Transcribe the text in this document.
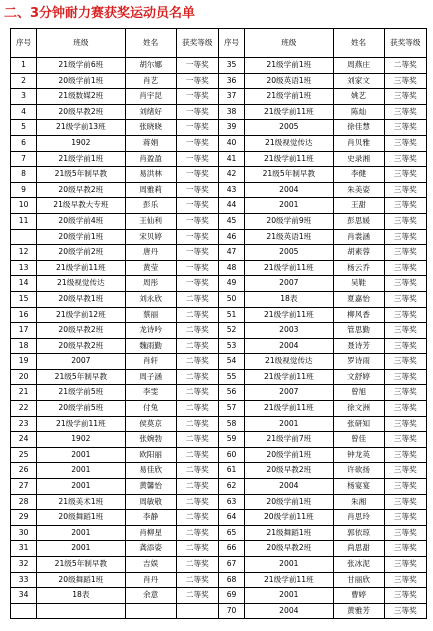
二、3分钟耐力赛获奖运动员名单
序号	班级	姓名	获奖等级	序号	班级	姓名	获奖等级
1	21级学前6班	胡尔娜	一等奖	35	21级学前1班	周燕庄	二等奖
2	20级学前1班	肖艺	一等奖	36	20级英语1班	刘家文	三等奖
3	21级数媒2班	肖宇昆	一等奖	37	21级学前1班	姚艺	三等奖
4	20级早教2班	刘绪好	一等奖	38	21级学前11班	陈灿	三等奖
5	21级学前13班	张晓晓	一等奖	39	2005	徐佳慧	三等奖
6	1902	蒋娟	一等奖	40	21级视觉传达	肖贝雅	三等奖
7	21级学前1班	肖盈盈	一等奖	41	21级学前11班	史录湘	三等奖
8	21级5年制早教	易洪林	一等奖	42	21级5年制早教	李健	三等奖
9	20级早教2班	周雅莉	一等奖	43	2004	朱美姿	三等奖
10	21级早教大专班	彭乐	一等奖	44	2001	王甜	三等奖
11	20级学前4班	王仙利	一等奖	45	20级学前9班	彭思媛	三等奖
	20级学前1班	宋贝婷	一等奖	46	21级英语1班	肖裳涵	三等奖
12	20级学前2班	唐丹	一等奖	47	2005	胡素蓉	三等奖
13	21级学前11班	黄莹	一等奖	48	21级学前11班	杨云乔	三等奖
14	21级视觉传达	周彤	一等奖	49	2007	吴鞋	三等奖
15	20级早教1班	刘永欣	二等奖	50	18表	夏嘉怡	三等奖
16	21级学前12班	蔡丽	二等奖	51	21级学前11班	柳风香	三等奖
17	20级早教2班	龙诗吟	二等奖	52	2003	管思勤	三等奖
18	20级早教2班	魏雨勤	二等奖	53	2004	聂诗芳	三等奖
19	2007	肖轩	二等奖	54	21级视觉传达	罗诗雨	三等奖
20	21级5年制早教	周子涵	二等奖	55	21级学前11班	文舒婷	三等奖
21	21级学前5班	李雯	二等奖	56	2007	曾旭	三等奖
22	20级学前5班	付兔	二等奖	57	21级学前11班	徐文洲	三等奖
23	21级学前11班	侯莫京	二等奖	58	2001	张研知	三等奖
24	1902	张婉勃	二等奖	59	21级学前7班	曾佳	三等奖
25	2001	欧阳丽	二等奖	60	20级学前1班	钟龙英	三等奖
26	2001	易佳欣	二等奖	61	20级早教2班	许欲扬	三等奖
27	2001	黄馨怡	二等奖	62	2004	杨宴宴	三等奖
28	21级美术1班	周敏敬	二等奖	63	20级学前1班	朱湘	三等奖
29	20级舞蹈1班	李静	二等奖	64	20级学前11班	肖思玲	三等奖
30	2001	肖柳星	二等奖	65	21级舞蹈1班	郭依琼	三等奖
31	2001	龚添姿	二等奖	66	20级早教2班	尚思甜	三等奖
32	21级5年制早教	吉娱	二等奖	67	2001	张冰泥	三等奖
33	20级舞蹈1班	肖丹	二等奖	68	21级学前11班	甘丽欣	三等奖
34	18表	余意	二等奖	69	2001	曹婷	三等奖
				70	2004	黄雅芳	三等奖
